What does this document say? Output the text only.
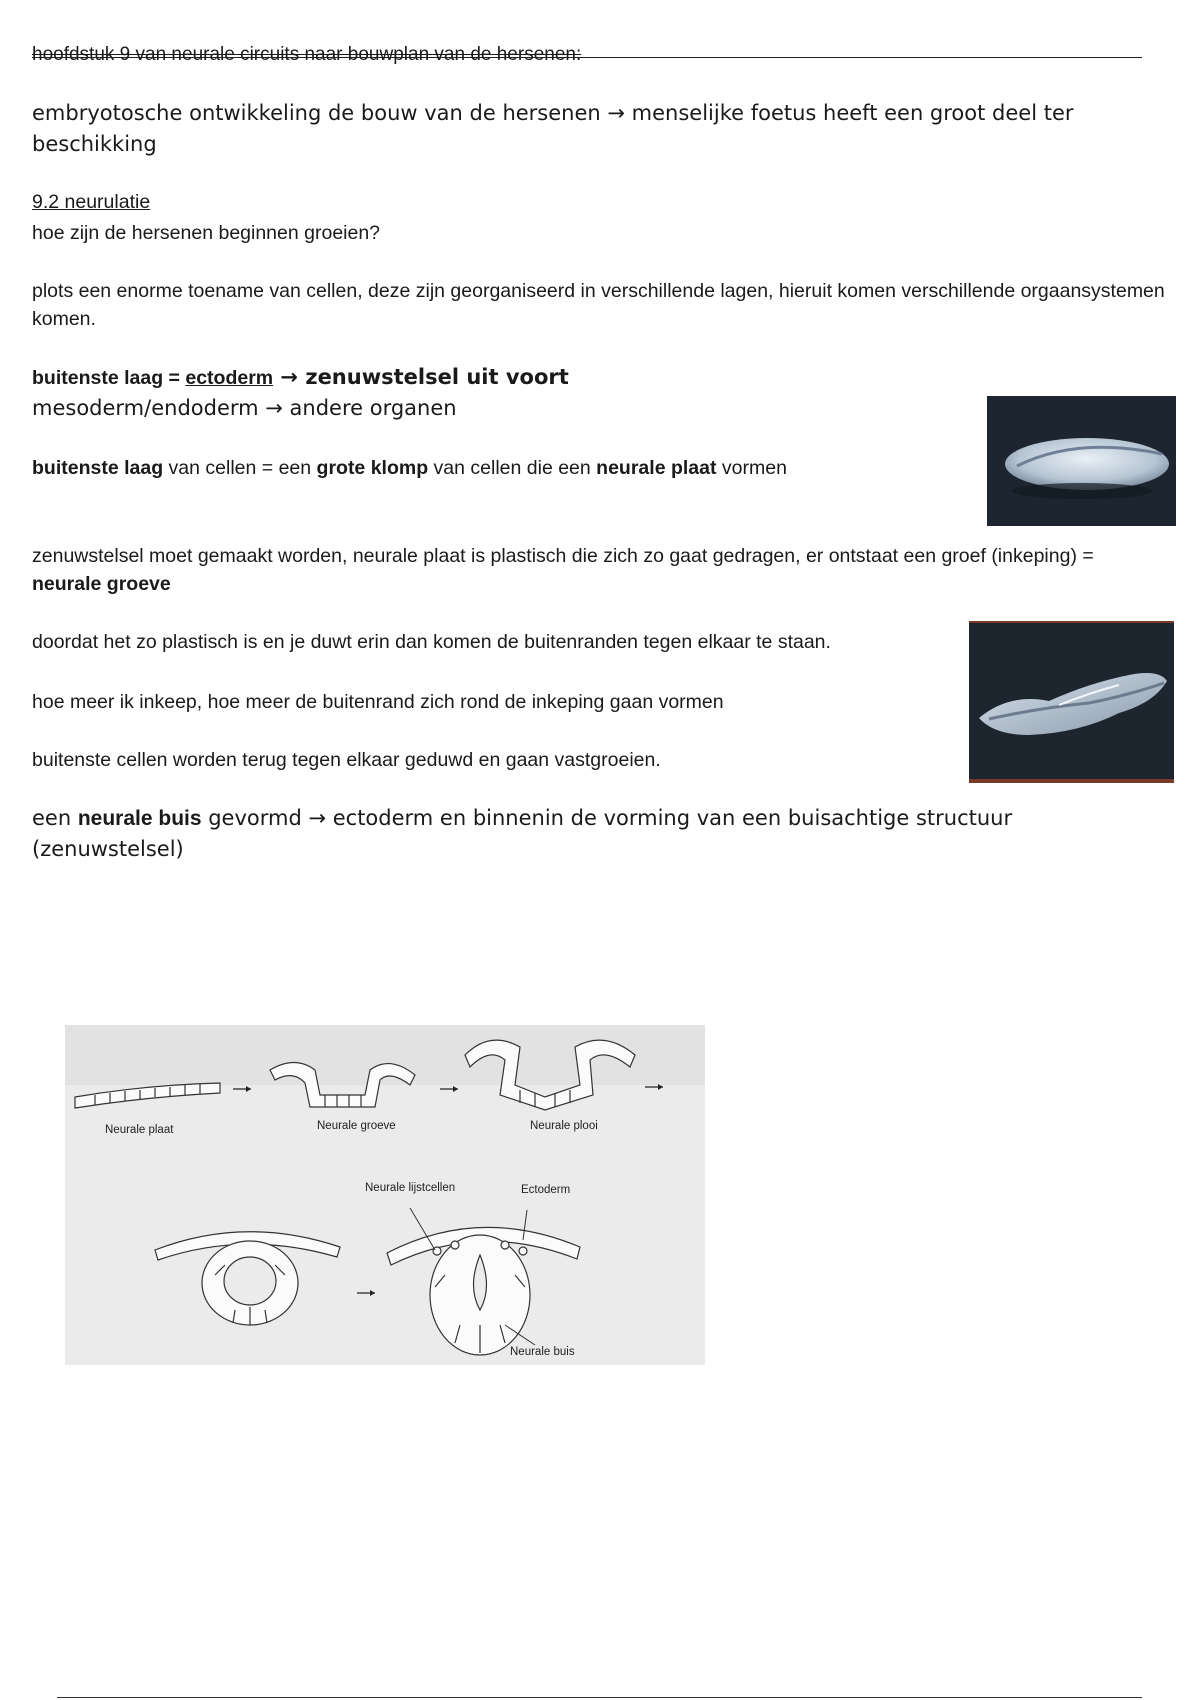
hoofdstuk 9 van neurale circuits naar bouwplan van de hersenen:
embryotosche ontwikkeling de bouw van de hersenen → menselijke foetus heeft een groot deel ter beschikking
9.2 neurulatie
hoe zijn de hersenen beginnen groeien?
plots een enorme toename van cellen, deze zijn georganiseerd in verschillende lagen, hieruit komen verschillende orgaansystemen komen.
buitenste laag = ectoderm → zenuwstelsel uit voort
mesoderm/endoderm → andere organen
buitenste laag van cellen = een grote klomp van cellen die een neurale plaat vormen
zenuwstelsel moet gemaakt worden, neurale plaat is plastisch die zich zo gaat gedragen, er ontstaat een groef (inkeping) = neurale groeve
doordat het zo plastisch is en je duwt erin dan komen de buitenranden tegen elkaar te staan.
hoe meer ik inkeep, hoe meer de buitenrand zich rond de inkeping gaan vormen
buitenste cellen worden terug tegen elkaar geduwd en gaan vastgroeien.
een neurale buis gevormd → ectoderm en binnenin de vorming van een buisachtige structuur (zenuwstelsel)
Neurale plaat	Neurale groeve	Neurale plooi
Neurale lijstcellen	Ectoderm
Neurale buis
